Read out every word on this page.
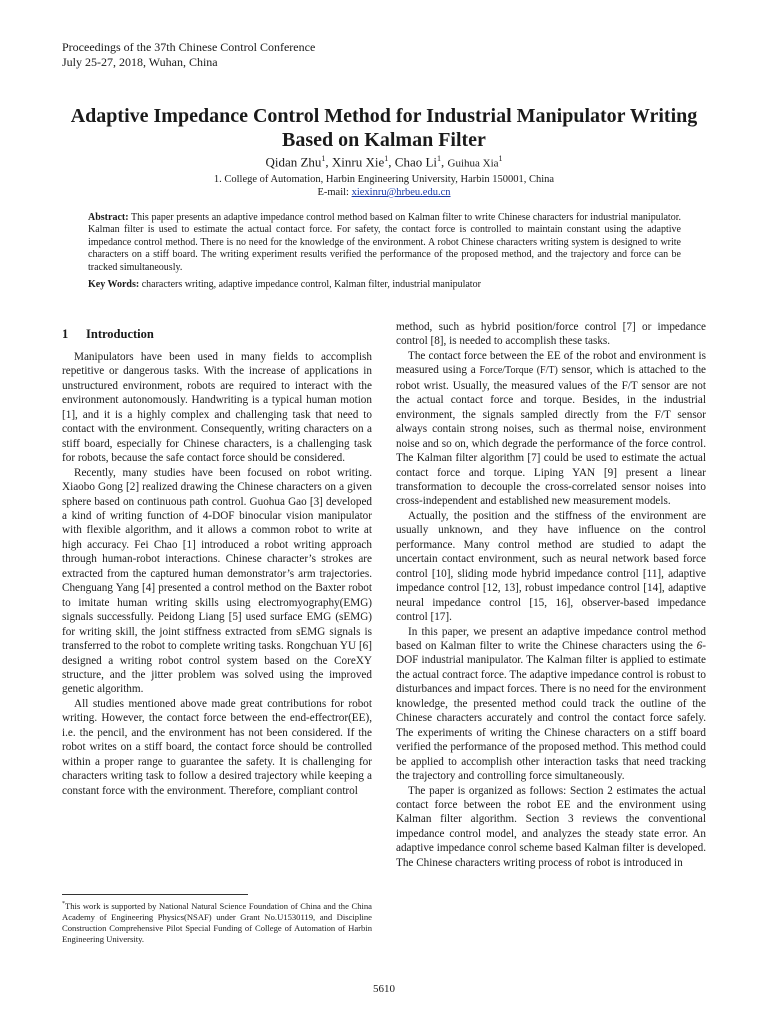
Proceedings of the 37th Chinese Control Conference
July 25-27, 2018, Wuhan, China
Adaptive Impedance Control Method for Industrial Manipulator Writing
Based on Kalman Filter
Qidan Zhu$^1$, Xinru Xie$^1$, Chao Li$^1$, Guihua Xia$^1$
1. College of Automation, Harbin Engineering University, Harbin 150001, China
E-mail: xiexinru@hrbeu.edu.cn
Abstract: This paper presents an adaptive impedance control method based on Kalman filter to write Chinese characters for industrial manipulator. Kalman filter is used to estimate the actual contact force. For safety, the contact force is controlled to maintain constant using the adaptive impedance control method. There is no need for the knowledge of the environment. A robot Chinese characters writing system is designed to write characters on a stiff board. The writing experiment results verified the performance of the proposed method, and the trajectory and force can be tracked simultaneously.
Key Words: characters writing, adaptive impedance control, Kalman filter, industrial manipulator
1 Introduction

Manipulators have been used in many fields to accomplish repetitive or dangerous tasks. With the increase of applications in unstructured environment, robots are required to interact with the environment autonomously. Handwriting is a typical human motion [1], and it is a highly complex and challenging task that need to contact with the environment. Consequently, writing characters on a stiff board, especially for Chinese characters, is a challenging task for robots, because the safe contact force should be considered.

Recently, many studies have been focused on robot writing. Xiaobo Gong [2] realized drawing the Chinese characters on a given sphere based on continuous path control. Guohua Gao [3] developed a kind of writing function of 4-DOF binocular vision manipulator with flexible algorithm, and it allows a common robot to write at high accuracy. Fei Chao [1] introduced a robot writing approach through human-robot interactions. Chinese character’s strokes are extracted from the captured human demonstrator’s arm trajectories. Chenguang Yang [4] presented a control method on the Baxter robot to imitate human writing skills using electromyography(EMG) signals successfully. Peidong Liang [5] used surface EMG (sEMG) for writing skill, the joint stiffness extracted from sEMG signals is transferred to the robot to complete writing tasks. Rongchuan YU [6] designed a writing robot control system based on the CoreXY structure, and the jitter problem was solved using the improved genetic algorithm.

All studies mentioned above made great contributions for robot writing. However, the contact force between the end-effectror(EE), i.e. the pencil, and the environment has not been considered. If the robot writes on a stiff board, the contact force should be controlled within a proper range to guarantee the safety. It is challenging for characters writing task to follow a desired trajectory while keeping a constant force with the environment. Therefore, compliant control

method, such as hybrid position/force control [7] or impedance control [8], is needed to accomplish these tasks.

The contact force between the EE of the robot and environment is measured using a Force/Torque (F/T) sensor, which is attached to the robot wrist. Usually, the measured values of the F/T sensor are not the actual contact force and torque. Besides, in the industrial environment, the signals sampled directly from the F/T sensor always contain strong noises, such as thermal noise, environment noise and so on, which degrade the performance of the force control. The Kalman filter algorithm [7] could be used to estimate the actual contact force and torque. Liping YAN [9] present a linear transformation to decouple the cross-correlated sensor noises into cross-independent and established new measurement models.

Actually, the position and the stiffness of the environment are usually unknown, and they have influence on the control performance. Many control method are studied to adapt the uncertain contact environment, such as neural network based force control [10], sliding mode hybrid impedance control [11], adaptive impedance control [12, 13], robust impedance control [14], adaptive neural impedance control [15, 16], observer-based impedance control [17].

In this paper, we present an adaptive impedance control method based on Kalman filter to write the Chinese characters using the 6-DOF industrial manipulator. The Kalman filter is applied to estimate the actual contract force. The adaptive impedance control is robust to disturbances and impact forces. There is no need for the environment knowledge, the presented method could track the outline of the Chinese characters accurately and control the contact force safely. The experiments of writing the Chinese characters on a stiff board verified the performance of the proposed method. This method could be applied to accomplish other interaction tasks that need tracking the trajectory and controlling force simultaneously.

The paper is organized as follows: Section 2 estimates the actual contact force between the robot EE and the environment using Kalman filter algorithm. Section 3 reviews the conventional impedance control model, and analyzes the steady state error. An adaptive impedance conrol scheme based Kalman filter is developed. The Chinese characters writing process of robot is introduced in

*This work is supported by National Natural Science Foundation of China and the China Academy of Engineering Physics(NSAF) under Grant No.U1530119, and Discipline Construction Comprehensive Pilot Special Funding of College of Automation of Harbin Engineering University.
5610
